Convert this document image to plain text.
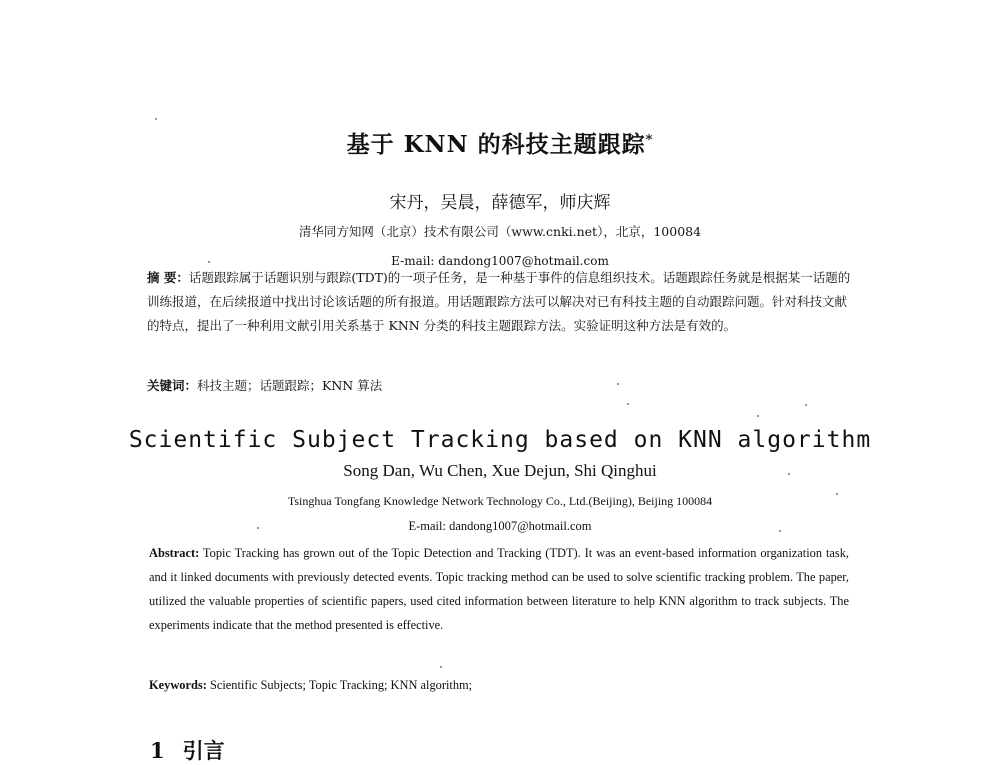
基于 KNN 的科技主题跟踪*
宋丹，吴晨，薛德军，师庆辉
清华同方知网（北京）技术有限公司（www.cnki.net），北京，100084
E-mail: dandong1007@hotmail.com
摘 要：话题跟踪属于话题识别与跟踪(TDT)的一项子任务，是一种基于事件的信息组织技术。话题跟踪任务就是根据某一话题的训练报道，在后续报道中找出讨论该话题的所有报道。用话题跟踪方法可以解决对已有科技主题的自动跟踪问题。针对科技文献的特点，提出了一种利用文献引用关系基于 KNN 分类的科技主题跟踪方法。实验证明这种方法是有效的。
关键词：科技主题；话题跟踪；KNN 算法
Scientific Subject Tracking based on KNN algorithm
Song Dan, Wu Chen, Xue Dejun, Shi Qinghui
Tsinghua Tongfang Knowledge Network Technology Co., Ltd.(Beijing), Beijing 100084
E-mail: dandong1007@hotmail.com
Abstract: Topic Tracking has grown out of the Topic Detection and Tracking (TDT). It was an event-based information organization task, and it linked documents with previously detected events. Topic tracking method can be used to solve scientific tracking problem. The paper, utilized the valuable properties of scientific papers, used cited information between literature to help KNN algorithm to track subjects. The experiments indicate that the method presented is effective.
Keywords: Scientific Subjects; Topic Tracking; KNN algorithm;
1 引言
